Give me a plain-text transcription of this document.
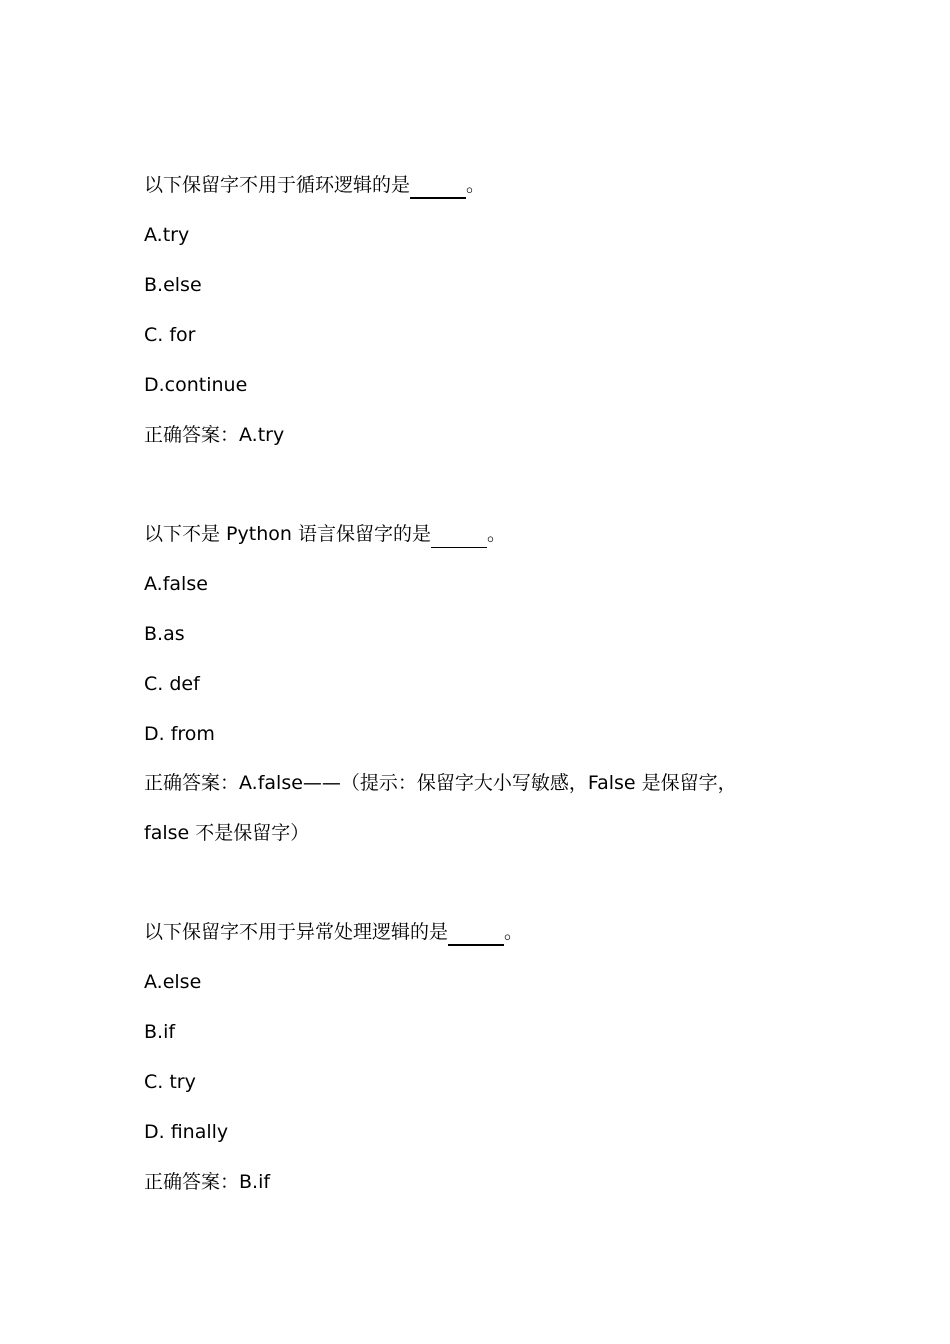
以下保留字不用于循环逻辑的是	。
A.try
B.else
C. for
D.continue
正确答案：A.try
以下不是 Python 语言保留字的是	。
A.false
B.as
C. def
D. from
正确答案：A.false——（提示：保留字大小写敏感，False 是保留字，
false 不是保留字）
以下保留字不用于异常处理逻辑的是	。
A.else
B.if
C. try
D. finally
正确答案：B.if
